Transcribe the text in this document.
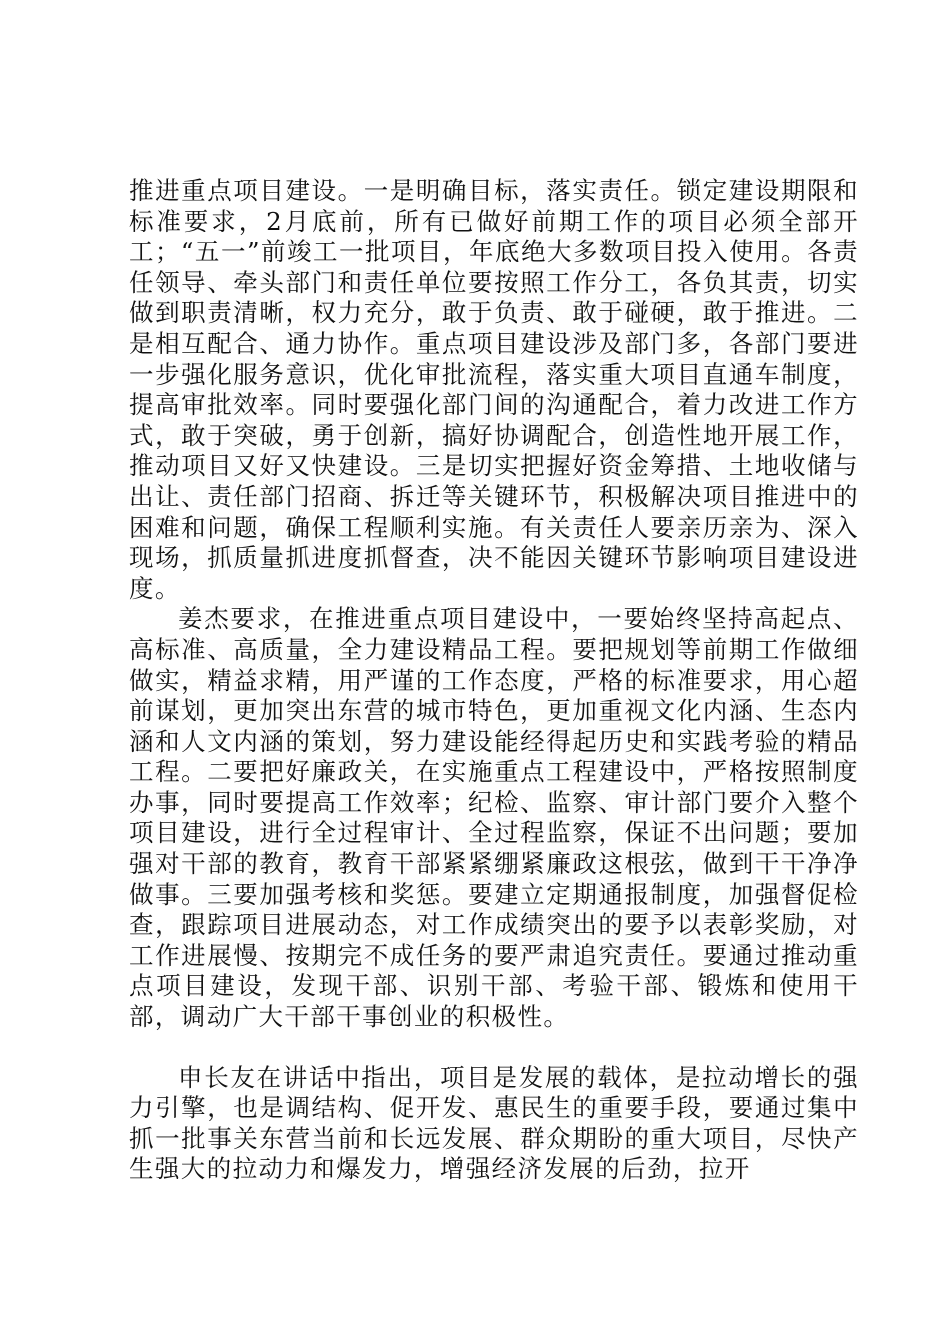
推进重点项目建设。一是明确目标，落实责任。锁定建设期限和标准要求，2月底前，所有已做好前期工作的项目必须全部开工；“五一”前竣工一批项目，年底绝大多数项目投入使用。各责任领导、牵头部门和责任单位要按照工作分工，各负其责，切实做到职责清晰，权力充分，敢于负责、敢于碰硬，敢于推进。二是相互配合、通力协作。重点项目建设涉及部门多，各部门要进一步强化服务意识，优化审批流程，落实重大项目直通车制度，提高审批效率。同时要强化部门间的沟通配合，着力改进工作方式，敢于突破，勇于创新，搞好协调配合，创造性地开展工作，推动项目又好又快建设。三是切实把握好资金筹措、土地收储与出让、责任部门招商、拆迁等关键环节，积极解决项目推进中的困难和问题，确保工程顺利实施。有关责任人要亲历亲为、深入现场，抓质量抓进度抓督查，决不能因关键环节影响项目建设进度。

姜杰要求，在推进重点项目建设中，一要始终坚持高起点、高标准、高质量，全力建设精品工程。要把规划等前期工作做细做实，精益求精，用严谨的工作态度，严格的标准要求，用心超前谋划，更加突出东营的城市特色，更加重视文化内涵、生态内涵和人文内涵的策划，努力建设能经得起历史和实践考验的精品工程。二要把好廉政关，在实施重点工程建设中，严格按照制度办事，同时要提高工作效率；纪检、监察、审计部门要介入整个项目建设，进行全过程审计、全过程监察，保证不出问题；要加强对干部的教育，教育干部紧紧绷紧廉政这根弦，做到干干净净做事。三要加强考核和奖惩。要建立定期通报制度，加强督促检查，跟踪项目进展动态，对工作成绩突出的要予以表彰奖励，对工作进展慢、按期完不成任务的要严肃追究责任。要通过推动重点项目建设，发现干部、识别干部、考验干部、锻炼和使用干部，调动广大干部干事创业的积极性。

申长友在讲话中指出，项目是发展的载体，是拉动增长的强力引擎，也是调结构、促开发、惠民生的重要手段，要通过集中抓一批事关东营当前和长远发展、群众期盼的重大项目，尽快产生强大的拉动力和爆发力，增强经济发展的后劲，拉开
